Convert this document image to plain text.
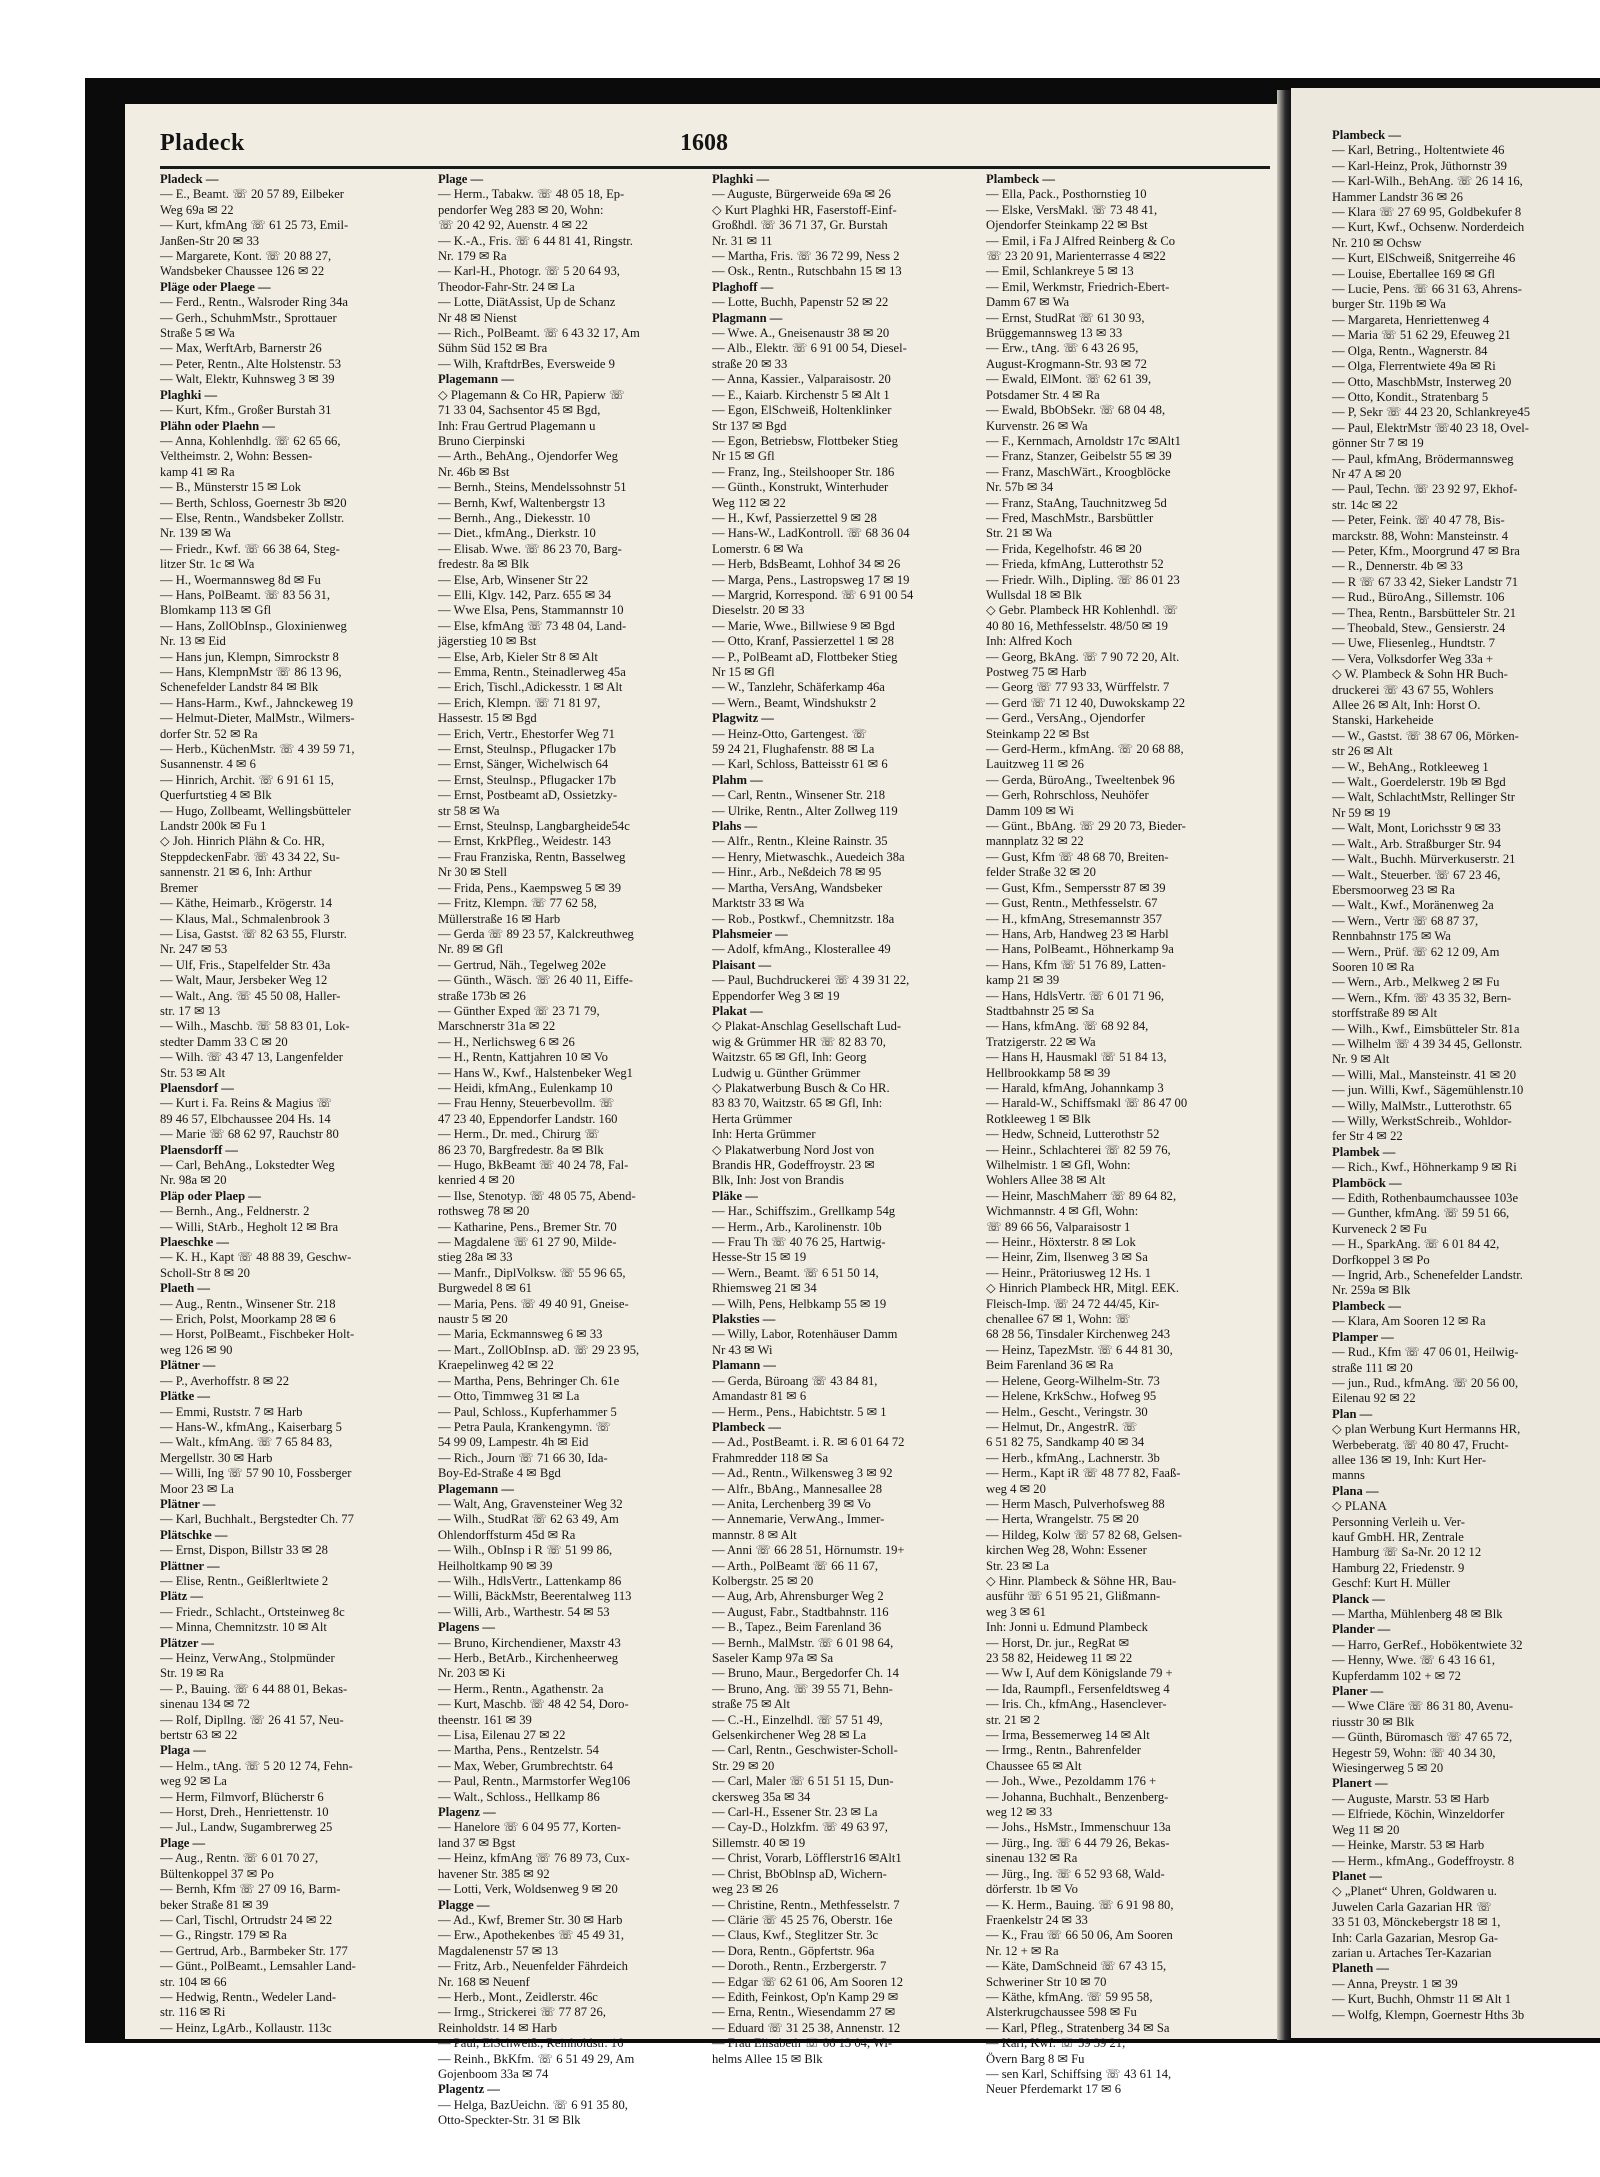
Pladeck	1608
Pladeck —
— E., Beamt. ☏ 20 57 89, Eilbeker
Weg 69a ✉ 22
— Kurt, kfmAng ☏ 61 25 73, Emil-
Janßen-Str 20 ✉ 33
— Margarete, Kont. ☏ 20 88 27,
Wandsbeker Chaussee 126 ✉ 22
Pläge oder Plaege —
— Ferd., Rentn., Walsroder Ring 34a
— Gerh., SchuhmMstr., Sprottauer
Straße 5 ✉ Wa
— Max, WerftArb, Barnerstr 26
— Peter, Rentn., Alte Holstenstr. 53
— Walt, Elektr, Kuhnsweg 3 ✉ 39
Plaghki —
— Kurt, Kfm., Großer Burstah 31
Plähn oder Plaehn —
— Anna, Kohlenhdlg. ☏ 62 65 66,
Veltheimstr. 2, Wohn: Bessen-
kamp 41 ✉ Ra
— B., Münsterstr 15 ✉ Lok
— Berth, Schloss, Goernestr 3b ✉20
— Else, Rentn., Wandsbeker Zollstr.
Nr. 139 ✉ Wa
— Friedr., Kwf. ☏ 66 38 64, Steg-
litzer Str. 1c ✉ Wa
— H., Woermannsweg 8d ✉ Fu
— Hans, PolBeamt. ☏ 83 56 31,
Blomkamp 113 ✉ Gfl
— Hans, ZollObInsp., Gloxinienweg
Nr. 13 ✉ Eid
— Hans jun, Klempn, Simrockstr 8
— Hans, KlempnMstr ☏ 86 13 96,
Schenefelder Landstr 84 ✉ Blk
— Hans-Harm., Kwf., Jahnckeweg 19
— Helmut-Dieter, MalMstr., Wilmers-
dorfer Str. 52 ✉ Ra
— Herb., KüchenMstr. ☏ 4 39 59 71,
Susannenstr. 4 ✉ 6
— Hinrich, Archit. ☏ 6 91 61 15,
Querfurtstieg 4 ✉ Blk
— Hugo, Zollbeamt, Wellingsbütteler
Landstr 200k ✉ Fu 1
◇ Joh. Hinrich Plähn & Co. HR,
SteppdeckenFabr. ☏ 43 34 22, Su-
sannenstr. 21 ✉ 6, Inh: Arthur
Bremer
— Käthe, Heimarb., Krögerstr. 14
— Klaus, Mal., Schmalenbrook 3
— Lisa, Gastst. ☏ 82 63 55, Flurstr.
Nr. 247 ✉ 53
— Ulf, Fris., Stapelfelder Str. 43a
— Walt, Maur, Jersbeker Weg 12
— Walt., Ang. ☏ 45 50 08, Haller-
str. 17 ✉ 13
— Wilh., Maschb. ☏ 58 83 01, Lok-
stedter Damm 33 C ✉ 20
— Wilh. ☏ 43 47 13, Langenfelder
Str. 53 ✉ Alt
Plaensdorf —
— Kurt i. Fa. Reins & Magius ☏
89 46 57, Elbchaussee 204 Hs. 14
— Marie ☏ 68 62 97, Rauchstr 80
Plaensdorff —
— Carl, BehAng., Lokstedter Weg
Nr. 98a ✉ 20
Pläp oder Plaep —
— Bernh., Ang., Feldnerstr. 2
— Willi, StArb., Hegholt 12 ✉ Bra
Plaeschke —
— K. H., Kapt ☏ 48 88 39, Geschw-
Scholl-Str 8 ✉ 20
Plaeth —
— Aug., Rentn., Winsener Str. 218
— Erich, Polst, Moorkamp 28 ✉ 6
— Horst, PolBeamt., Fischbeker Holt-
weg 126 ✉ 90
Plätner —
— P., Averhoffstr. 8 ✉ 22
Plätke —
— Emmi, Ruststr. 7 ✉ Harb
— Hans-W., kfmAng., Kaiserbarg 5
— Walt., kfmAng. ☏ 7 65 84 83,
Mergellstr. 30 ✉ Harb
— Willi, Ing ☏ 57 90 10, Fossberger
Moor 23 ✉ La
Plätner —
— Karl, Buchhalt., Bergstedter Ch. 77
Plätschke —
— Ernst, Dispon, Billstr 33 ✉ 28
Plättner —
— Elise, Rentn., Geißlerltwiete 2
Plätz —
— Friedr., Schlacht., Ortsteinweg 8c
— Minna, Chemnitzstr. 10 ✉ Alt
Plätzer —
— Heinz, VerwAng., Stolpmünder
Str. 19 ✉ Ra
— P., Bauing. ☏ 6 44 88 01, Bekas-
sinenau 134 ✉ 72
— Rolf, Dipllng. ☏ 26 41 57, Neu-
bertstr 63 ✉ 22
Plaga —
— Helm., tAng. ☏ 5 20 12 74, Fehn-
weg 92 ✉ La
— Herm, Filmvorf, Blücherstr 6
— Horst, Dreh., Henriettenstr. 10
— Jul., Landw, Sugambrerweg 25
Plage —
— Aug., Rentn. ☏ 6 01 70 27,
Bültenkoppel 37 ✉ Po
— Bernh, Kfm ☏ 27 09 16, Barm-
beker Straße 81 ✉ 39
— Carl, Tischl, Ortrudstr 24 ✉ 22
— G., Ringstr. 179 ✉ Ra
— Gertrud, Arb., Barmbeker Str. 177
— Günt., PolBeamt., Lemsahler Land-
str. 104 ✉ 66
— Hedwig, Rentn., Wedeler Land-
str. 116 ✉ Ri
— Heinz, LgArb., Kollaustr. 113c
Plage —
— Herm., Tabakw. ☏ 48 05 18, Ep-
pendorfer Weg 283 ✉ 20, Wohn:
☏ 20 42 92, Auenstr. 4 ✉ 22
— K.-A., Fris. ☏ 6 44 81 41, Ringstr.
Nr. 179 ✉ Ra
— Karl-H., Photogr. ☏ 5 20 64 93,
Theodor-Fahr-Str. 24 ✉ La
— Lotte, DiätAssist, Up de Schanz
Nr 48 ✉ Nienst
— Rich., PolBeamt. ☏ 6 43 32 17, Am
Sühm Süd 152 ✉ Bra
— Wilh, KraftdrBes, Eversweide 9
Plagemann —
◇ Plagemann & Co HR, Papierw ☏
71 33 04, Sachsentor 45 ✉ Bgd,
Inh: Frau Gertrud Plagemann u
Bruno Cierpinski
— Arth., BehAng., Ojendorfer Weg
Nr. 46b ✉ Bst
— Bernh., Steins, Mendelssohnstr 51
— Bernh, Kwf, Waltenbergstr 13
— Bernh., Ang., Diekesstr. 10
— Diet., kfmAng., Dierkstr. 10
— Elisab. Wwe. ☏ 86 23 70, Barg-
fredestr. 8a ✉ Blk
— Else, Arb, Winsener Str 22
— Elli, Klgv. 142, Parz. 655 ✉ 34
— Wwe Elsa, Pens, Stammannstr 10
— Else, kfmAng ☏ 73 48 04, Land-
jägerstieg 10 ✉ Bst
— Else, Arb, Kieler Str 8 ✉ Alt
— Emma, Rentn., Steinadlerweg 45a
— Erich, Tischl.,Adickesstr. 1 ✉ Alt
— Erich, Klempn. ☏ 71 81 97,
Hassestr. 15 ✉ Bgd
— Erich, Vertr., Ehestorfer Weg 71
— Ernst, Steulnsp., Pflugacker 17b
— Ernst, Sänger, Wichelwisch 64
— Ernst, Steulnsp., Pflugacker 17b
— Ernst, Postbeamt aD, Ossietzky-
str 58 ✉ Wa
— Ernst, Steulnsp, Langbargheide54c
— Ernst, KrkPfleg., Weidestr. 143
— Frau Franziska, Rentn, Basselweg
Nr 30 ✉ Stell
— Frida, Pens., Kaempsweg 5 ✉ 39
— Fritz, Klempn. ☏ 77 62 58,
Müllerstraße 16 ✉ Harb
— Gerda ☏ 89 23 57, Kalckreuthweg
Nr. 89 ✉ Gfl
— Gertrud, Näh., Tegelweg 202e
— Günth., Wäsch. ☏ 26 40 11, Eiffe-
straße 173b ✉ 26
— Günther Exped ☏ 23 71 79,
Marschnerstr 31a ✉ 22
— H., Nerlichsweg 6 ✉ 26
— H., Rentn, Kattjahren 10 ✉ Vo
— Hans W., Kwf., Halstenbeker Weg1
— Heidi, kfmAng., Eulenkamp 10
— Frau Henny, Steuerbevollm. ☏
47 23 40, Eppendorfer Landstr. 160
— Herm., Dr. med., Chirurg ☏
86 23 70, Bargfredestr. 8a ✉ Blk
— Hugo, BkBeamt ☏ 40 24 78, Fal-
kenried 4 ✉ 20
— Ilse, Stenotyp. ☏ 48 05 75, Abend-
rothsweg 78 ✉ 20
— Katharine, Pens., Bremer Str. 70
— Magdalene ☏ 61 27 90, Milde-
stieg 28a ✉ 33
— Manfr., DiplVolksw. ☏ 55 96 65,
Burgwedel 8 ✉ 61
— Maria, Pens. ☏ 49 40 91, Gneise-
naustr 5 ✉ 20
— Maria, Eckmannsweg 6 ✉ 33
— Mart., ZollObInsp. aD. ☏ 29 23 95,
Kraepelinweg 42 ✉ 22
— Martha, Pens, Behringer Ch. 61e
— Otto, Timmweg 31 ✉ La
— Paul, Schloss., Kupferhammer 5
— Petra Paula, Krankengymn. ☏
54 99 09, Lampestr. 4h ✉ Eid
— Rich., Journ ☏ 71 66 30, Ida-
Boy-Ed-Straße 4 ✉ Bgd
Plagemann —
— Walt, Ang, Gravensteiner Weg 32
— Wilh., StudRat ☏ 62 63 49, Am
Ohlendorffsturm 45d ✉ Ra
— Wilh., ObInsp i R ☏ 51 99 86,
Heilholtkamp 90 ✉ 39
— Wilh., HdlsVertr., Lattenkamp 86
— Willi, BäckMstr, Beerentalweg 113
— Willi, Arb., Warthestr. 54 ✉ 53
Plagens —
— Bruno, Kirchendiener, Maxstr 43
— Herb., BetArb., Kirchenheerweg
Nr. 203 ✉ Ki
— Herm., Rentn., Agathenstr. 2a
— Kurt, Maschb. ☏ 48 42 54, Doro-
theenstr. 161 ✉ 39
— Lisa, Eilenau 27 ✉ 22
— Martha, Pens., Rentzelstr. 54
— Max, Weber, Grumbrechtstr. 64
— Paul, Rentn., Marmstorfer Weg106
— Walt., Schloss., Hellkamp 86
Plagenz —
— Hanelore ☏ 6 04 95 77, Korten-
land 37 ✉ Bgst
— Heinz, kfmAng ☏ 76 89 73, Cux-
havener Str. 385 ✉ 92
— Lotti, Verk, Woldsenweg 9 ✉ 20
Plagge —
— Ad., Kwf, Bremer Str. 30 ✉ Harb
— Erw., Apothekenbes ☏ 45 49 31,
Magdalenenstr 57 ✉ 13
— Fritz, Arb., Neuenfelder Fährdeich
Nr. 168 ✉ Neuenf
— Herb., Mont., Zeidlerstr. 46c
— Irmg., Strickerei ☏ 77 87 26,
Reinholdstr. 14 ✉ Harb
— Paul, ElSchweiß., Reinholdstr. 16
— Reinh., BkKfm. ☏ 6 51 49 29, Am
Gojenboom 33a ✉ 74
Plagentz —
— Helga, BazUeichn. ☏ 6 91 35 80,
Otto-Speckter-Str. 31 ✉ Blk
Plaghki —
— Auguste, Bürgerweide 69a ✉ 26
◇ Kurt Plaghki HR, Faserstoff-Einf-
Großhdl. ☏ 36 71 37, Gr. Burstah
Nr. 31 ✉ 11
— Martha, Fris. ☏ 36 72 99, Ness 2
— Osk., Rentn., Rutschbahn 15 ✉ 13
Plaghoff —
— Lotte, Buchh, Papenstr 52 ✉ 22
Plagmann —
— Wwe. A., Gneisenaustr 38 ✉ 20
— Alb., Elektr. ☏ 6 91 00 54, Diesel-
straße 20 ✉ 33
— Anna, Kassier., Valparaisostr. 20
— E., Kaiarb. Kirchenstr 5 ✉ Alt 1
— Egon, ElSchweiß, Holtenklinker
Str 137 ✉ Bgd
— Egon, Betriebsw, Flottbeker Stieg
Nr 15 ✉ Gfl
— Franz, Ing., Steilshooper Str. 186
— Günth., Konstrukt, Winterhuder
Weg 112 ✉ 22
— H., Kwf, Passierzettel 9 ✉ 28
— Hans-W., LadKontroll. ☏ 68 36 04
Lomerstr. 6 ✉ Wa
— Herb, BdsBeamt, Lohhof 34 ✉ 26
— Marga, Pens., Lastropsweg 17 ✉ 19
— Margrid, Korrespond. ☏ 6 91 00 54
Dieselstr. 20 ✉ 33
— Marie, Wwe., Billwiese 9 ✉ Bgd
— Otto, Kranf, Passierzettel 1 ✉ 28
— P., PolBeamt aD, Flottbeker Stieg
Nr 15 ✉ Gfl
— W., Tanzlehr, Schäferkamp 46a
— Wern., Beamt, Windshukstr 2
Plagwitz —
— Heinz-Otto, Gartengest. ☏
59 24 21, Flughafenstr. 88 ✉ La
— Karl, Schloss, Batteisstr 61 ✉ 6
Plahm —
— Carl, Rentn., Winsener Str. 218
— Ulrike, Rentn., Alter Zollweg 119
Plahs —
— Alfr., Rentn., Kleine Rainstr. 35
— Henry, Mietwaschk., Auedeich 38a
— Hinr., Arb., Neßdeich 78 ✉ 95
— Martha, VersAng, Wandsbeker
Marktstr 33 ✉ Wa
— Rob., Postkwf., Chemnitzstr. 18a
Plahsmeier —
— Adolf, kfmAng., Klosterallee 49
Plaisant —
— Paul, Buchdruckerei ☏ 4 39 31 22,
Eppendorfer Weg 3 ✉ 19
Plakat —
◇ Plakat-Anschlag Gesellschaft Lud-
wig & Grümmer HR ☏ 82 83 70,
Waitzstr. 65 ✉ Gfl, Inh: Georg
Ludwig u. Günther Grümmer
◇ Plakatwerbung Busch & Co HR.
83 83 70, Waitzstr. 65 ✉ Gfl, Inh:
Herta Grümmer
Inh: Herta Grümmer
◇ Plakatwerbung Nord Jost von
Brandis HR, Godeffroystr. 23 ✉
Blk, Inh: Jost von Brandis
Pläke —
— Har., Schiffszim., Grellkamp 54g
— Herm., Arb., Karolinenstr. 10b
— Frau Th ☏ 40 76 25, Hartwig-
Hesse-Str 15 ✉ 19
— Wern., Beamt. ☏ 6 51 50 14,
Rhiemsweg 21 ✉ 34
— Wilh, Pens, Helbkamp 55 ✉ 19
Plaksties —
— Willy, Labor, Rotenhäuser Damm
Nr 43 ✉ Wi
Plamann —
— Gerda, Büroang ☏ 43 84 81,
Amandastr 81 ✉ 6
— Herm., Pens., Habichtstr. 5 ✉ 1
Plambeck —
— Ad., PostBeamt. i. R. ✉ 6 01 64 72
Frahmredder 118 ✉ Sa
— Ad., Rentn., Wilkensweg 3 ✉ 92
— Alfr., BbAng., Mannesallee 28
— Anita, Lerchenberg 39 ✉ Vo
— Annemarie, VerwAng., Immer-
mannstr. 8 ✉ Alt
— Anni ☏ 66 28 51, Hörnumstr. 19+
— Arth., PolBeamt ☏ 66 11 67,
Kolbergstr. 25 ✉ 20
— Aug, Arb, Ahrensburger Weg 2
— August, Fabr., Stadtbahnstr. 116
— B., Tapez., Beim Farenland 36
— Bernh., MalMstr. ☏ 6 01 98 64,
Saseler Kamp 97a ✉ Sa
— Bruno, Maur., Bergedorfer Ch. 14
— Bruno, Ang. ☏ 39 55 71, Behn-
straße 75 ✉ Alt
— C.-H., Einzelhdl. ☏ 57 51 49,
Gelsenkirchener Weg 28 ✉ La
— Carl, Rentn., Geschwister-Scholl-
Str. 29 ✉ 20
— Carl, Maler ☏ 6 51 51 15, Dun-
ckersweg 35a ✉ 34
— Carl-H., Essener Str. 23 ✉ La
— Cay-D., Holzkfm. ☏ 49 63 97,
Sillemstr. 40 ✉ 19
— Christ, Vorarb, Löfflerstr16 ✉Alt1
— Christ, BbOblnsp aD, Wichern-
weg 23 ✉ 26
— Christine, Rentn., Methfesselstr. 7
— Clärie ☏ 45 25 76, Oberstr. 16e
— Claus, Kwf., Steglitzer Str. 3c
— Dora, Rentn., Göpfertstr. 96a
— Doroth., Rentn., Erzbergerstr. 7
— Edgar ☏ 62 61 06, Am Sooren 12
— Edith, Feinkost, Op'n Kamp 29 ✉
— Erna, Rentn., Wiesendamm 27 ✉
— Eduard ☏ 31 25 38, Annenstr. 12
— Frau Elisabeth ☏ 86 13 04, Wi-
helms Allee 15 ✉ Blk
Plambeck —
— Ella, Pack., Posthornstieg 10
— Elske, VersMakl. ☏ 73 48 41,
Ojendorfer Steinkamp 22 ✉ Bst
— Emil, i Fa J Alfred Reinberg & Co
☏ 23 20 91, Marienterrasse 4 ✉22
— Emil, Schlankreye 5 ✉ 13
— Emil, Werkmstr, Friedrich-Ebert-
Damm 67 ✉ Wa
— Ernst, StudRat ☏ 61 30 93,
Brüggemannsweg 13 ✉ 33
— Erw., tAng. ☏ 6 43 26 95,
August-Krogmann-Str. 93 ✉ 72
— Ewald, ElMont. ☏ 62 61 39,
Potsdamer Str. 4 ✉ Ra
— Ewald, BbObSekr. ☏ 68 04 48,
Kurvenstr. 26 ✉ Wa
— F., Kernmach, Arnoldstr 17c ✉Alt1
— Franz, Stanzer, Geibelstr 55 ✉ 39
— Franz, MaschWärt., Kroogblöcke
Nr. 57b ✉ 34
— Franz, StaAng, Tauchnitzweg 5d
— Fred, MaschMstr., Barsbüttler
Str. 21 ✉ Wa
— Frida, Kegelhofstr. 46 ✉ 20
— Frieda, kfmAng, Lutterothstr 52
— Friedr. Wilh., Dipling. ☏ 86 01 23
Wullsdal 18 ✉ Blk
◇ Gebr. Plambeck HR Kohlenhdl. ☏
40 80 16, Methfesselstr. 48/50 ✉ 19
Inh: Alfred Koch
— Georg, BkAng. ☏ 7 90 72 20, Alt.
Postweg 75 ✉ Harb
— Georg ☏ 77 93 33, Würffelstr. 7
— Gerd ☏ 71 12 40, Duwokskamp 22
— Gerd., VersAng., Ojendorfer
Steinkamp 22 ✉ Bst
— Gerd-Herm., kfmAng. ☏ 20 68 88,
Lauitzweg 11 ✉ 26
— Gerda, BüroAng., Tweeltenbek 96
— Gerh, Rohrschloss, Neuhöfer
Damm 109 ✉ Wi
— Günt., BbAng. ☏ 29 20 73, Bieder-
mannplatz 32 ✉ 22
— Gust, Kfm ☏ 48 68 70, Breiten-
felder Straße 32 ✉ 20
— Gust, Kfm., Sempersstr 87 ✉ 39
— Gust, Rentn., Methfesselstr. 67
— H., kfmAng, Stresemannstr 357
— Hans, Arb, Handweg 23 ✉ Harbl
— Hans, PolBeamt., Höhnerkamp 9a
— Hans, Kfm ☏ 51 76 89, Latten-
kamp 21 ✉ 39
— Hans, HdlsVertr. ☏ 6 01 71 96,
Stadtbahnstr 25 ✉ Sa
— Hans, kfmAng. ☏ 68 92 84,
Tratzigerstr. 22 ✉ Wa
— Hans H, Hausmakl ☏ 51 84 13,
Hellbrookkamp 58 ✉ 39
— Harald, kfmAng, Johannkamp 3
— Harald-W., Schiffsmakl ☏ 86 47 00
Rotkleeweg 1 ✉ Blk
— Hedw, Schneid, Lutterothstr 52
— Heinr., Schlachterei ☏ 82 59 76,
Wilhelmistr. 1 ✉ Gfl, Wohn:
Wohlers Allee 38 ✉ Alt
— Heinr, MaschMaherr ☏ 89 64 82,
Wichmannstr. 4 ✉ Gfl, Wohn:
☏ 89 66 56, Valparaisostr 1
— Heinr., Höxterstr. 8 ✉ Lok
— Heinr, Zim, Ilsenweg 3 ✉ Sa
— Heinr., Prätoriusweg 12 Hs. 1
◇ Hinrich Plambeck HR, Mitgl. EEK.
Fleisch-Imp. ☏ 24 72 44/45, Kir-
chenallee 67 ✉ 1, Wohn: ☏
68 28 56, Tinsdaler Kirchenweg 243
— Heinz, TapezMstr. ☏ 6 44 81 30,
Beim Farenland 36 ✉ Ra
— Helene, Georg-Wilhelm-Str. 73
— Helene, KrkSchw., Hofweg 95
— Helm., Gescht., Veringstr. 30
— Helmut, Dr., AngestrR. ☏
6 51 82 75, Sandkamp 40 ✉ 34
— Herb., kfmAng., Lachnerstr. 3b
— Herm., Kapt iR ☏ 48 77 82, Faaß-
weg 4 ✉ 20
— Herm Masch, Pulverhofsweg 88
— Herta, Wrangelstr. 75 ✉ 20
— Hildeg, Kolw ☏ 57 82 68, Gelsen-
kirchen Weg 28, Wohn: Essener
Str. 23 ✉ La
◇ Hinr. Plambeck & Söhne HR, Bau-
ausführ ☏ 6 51 95 21, Glißmann-
weg 3 ✉ 61
Inh: Jonni u. Edmund Plambeck
— Horst, Dr. jur., RegRat ✉
23 58 82, Heideweg 11 ✉ 22
— Ww I, Auf dem Königslande 79 +
— Ida, Raumpfl., Fersenfeldtsweg 4
— Iris. Ch., kfmAng., Hasenclever-
str. 21 ✉ 2
— Irma, Bessemerweg 14 ✉ Alt
— Irmg., Rentn., Bahrenfelder
Chaussee 65 ✉ Alt
— Joh., Wwe., Pezoldamm 176 +
— Johanna, Buchhalt., Benzenberg-
weg 12 ✉ 33
— Johs., HsMstr., Immenschuur 13a
— Jürg., Ing. ☏ 6 44 79 26, Bekas-
sinenau 132 ✉ Ra
— Jürg., Ing. ☏ 6 52 93 68, Wald-
dörferstr. 1b ✉ Vo
— K. Herm., Bauing. ☏ 6 91 98 80,
Fraenkelstr 24 ✉ 33
— K., Frau ☏ 66 50 06, Am Sooren
Nr. 12 + ✉ Ra
— Käte, DamSchneid ☏ 67 43 15,
Schweriner Str 10 ✉ 70
— Käthe, kfmAng. ☏ 59 95 58,
Alsterkrugchaussee 598 ✉ Fu
— Karl, Pfleg., Stratenberg 34 ✉ Sa
— Karl, Kwf. ☏ 59 39 21,
Övern Barg 8 ✉ Fu
— sen Karl, Schiffsing ☏ 43 61 14,
Neuer Pferdemarkt 17 ✉ 6
Plambeck —
— Karl, Betring., Holtentwiete 46
— Karl-Heinz, Prok, Jüthornstr 39
— Karl-Wilh., BehAng. ☏ 26 14 16,
Hammer Landstr 36 ✉ 26
— Klara ☏ 27 69 95, Goldbekufer 8
— Kurt, Kwf., Ochsenw. Norderdeich
Nr. 210 ✉ Ochsw
— Kurt, ElSchweiß, Snitgerreihe 46
— Louise, Ebertallee 169 ✉ Gfl
— Lucie, Pens. ☏ 66 31 63, Ahrens-
burger Str. 119b ✉ Wa
— Margareta, Henriettenweg 4
— Maria ☏ 51 62 29, Efeuweg 21
— Olga, Rentn., Wagnerstr. 84
— Olga, Flerrentwiete 49a ✉ Ri
— Otto, MaschbMstr, Insterweg 20
— Otto, Kondit., Stratenbarg 5
— P, Sekr ☏ 44 23 20, Schlankreye45
— Paul, ElektrMstr ☏40 23 18, Ovel-
gönner Str 7 ✉ 19
— Paul, kfmAng, Brödermannsweg
Nr 47 A ✉ 20
— Paul, Techn. ☏ 23 92 97, Ekhof-
str. 14c ✉ 22
— Peter, Feink. ☏ 40 47 78, Bis-
marckstr. 88, Wohn: Mansteinstr. 4
— Peter, Kfm., Moorgrund 47 ✉ Bra
— R., Dennerstr. 4b ✉ 33
— R ☏ 67 33 42, Sieker Landstr 71
— Rud., BüroAng., Sillemstr. 106
— Thea, Rentn., Barsbütteler Str. 21
— Theobald, Stew., Gensierstr. 24
— Uwe, Fliesenleg., Hundtstr. 7
— Vera, Volksdorfer Weg 33a +
◇ W. Plambeck & Sohn HR Buch-
druckerei ☏ 43 67 55, Wohlers
Allee 26 ✉ Alt, Inh: Horst O.
Stanski, Harkeheide
— W., Gastst. ☏ 38 67 06, Mörken-
str 26 ✉ Alt
— W., BehAng., Rotkleeweg 1
— Walt., Goerdelerstr. 19b ✉ Bgd
— Walt, SchlachtMstr, Rellinger Str
Nr 59 ✉ 19
— Walt, Mont, Lorichsstr 9 ✉ 33
— Walt., Arb. Straßburger Str. 94
— Walt., Buchh. Mürverkuserstr. 21
— Walt., Steuerber. ☏ 67 23 46,
Ebersmoorweg 23 ✉ Ra
— Walt., Kwf., Moränenweg 2a
— Wern., Vertr ☏ 68 87 37,
Rennbahnstr 175 ✉ Wa
— Wern., Prüf. ☏ 62 12 09, Am
Sooren 10 ✉ Ra
— Wern., Arb., Melkweg 2 ✉ Fu
— Wern., Kfm. ☏ 43 35 32, Bern-
storffstraße 89 ✉ Alt
— Wilh., Kwf., Eimsbütteler Str. 81a
— Wilhelm ☏ 4 39 34 45, Gellonstr.
Nr. 9 ✉ Alt
— Willi, Mal., Mansteinstr. 41 ✉ 20
— jun. Willi, Kwf., Sägemühlenstr.10
— Willy, MalMstr., Lutterothstr. 65
— Willy, WerkstSchreib., Wohldor-
fer Str 4 ✉ 22
Plambek —
— Rich., Kwf., Höhnerkamp 9 ✉ Ri
Plamböck —
— Edith, Rothenbaumchaussee 103e
— Gunther, kfmAng. ☏ 59 51 66,
Kurveneck 2 ✉ Fu
— H., SparkAng. ☏ 6 01 84 42,
Dorfkoppel 3 ✉ Po
— Ingrid, Arb., Schenefelder Landstr.
Nr. 259a ✉ Blk
Plambeck —
— Klara, Am Sooren 12 ✉ Ra
Plamper —
— Rud., Kfm ☏ 47 06 01, Heilwig-
straße 111 ✉ 20
— jun., Rud., kfmAng. ☏ 20 56 00,
Eilenau 92 ✉ 22
Plan —
◇ plan Werbung Kurt Hermanns HR,
Werbeberatg. ☏ 40 80 47, Frucht-
allee 136 ✉ 19, Inh: Kurt Her-
manns
Plana —
◇ PLANA
Personning Verleih u. Ver-
kauf GmbH. HR, Zentrale
Hamburg ☏ Sa-Nr. 20 12 12
Hamburg 22, Friedenstr. 9
Geschf: Kurt H. Müller
Planck —
— Martha, Mühlenberg 48 ✉ Blk
Plander —
— Harro, GerRef., Hobökentwiete 32
— Henny, Wwe. ☏ 6 43 16 61,
Kupferdamm 102 + ✉ 72
Planer —
— Wwe Cläre ☏ 86 31 80, Avenu-
riusstr 30 ✉ Blk
— Günth, Büromasch ☏ 47 65 72,
Hegestr 59, Wohn: ☏ 40 34 30,
Wiesingerweg 5 ✉ 20
Planert —
— Auguste, Marstr. 53 ✉ Harb
— Elfriede, Köchin, Winzeldorfer
Weg 11 ✉ 20
— Heinke, Marstr. 53 ✉ Harb
— Herm., kfmAng., Godeffroystr. 8
Planet —
◇ „Planet“ Uhren, Goldwaren u.
Juwelen Carla Gazarian HR ☏
33 51 03, Mönckebergstr 18 ✉ 1,
Inh: Carla Gazarian, Mesrop Ga-
zarian u. Artaches Ter-Kazarian
Planeth —
— Anna, Preystr. 1 ✉ 39
— Kurt, Buchh, Ohmstr 11 ✉ Alt 1
— Wolfg, Klempn, Goernestr Hths 3b
